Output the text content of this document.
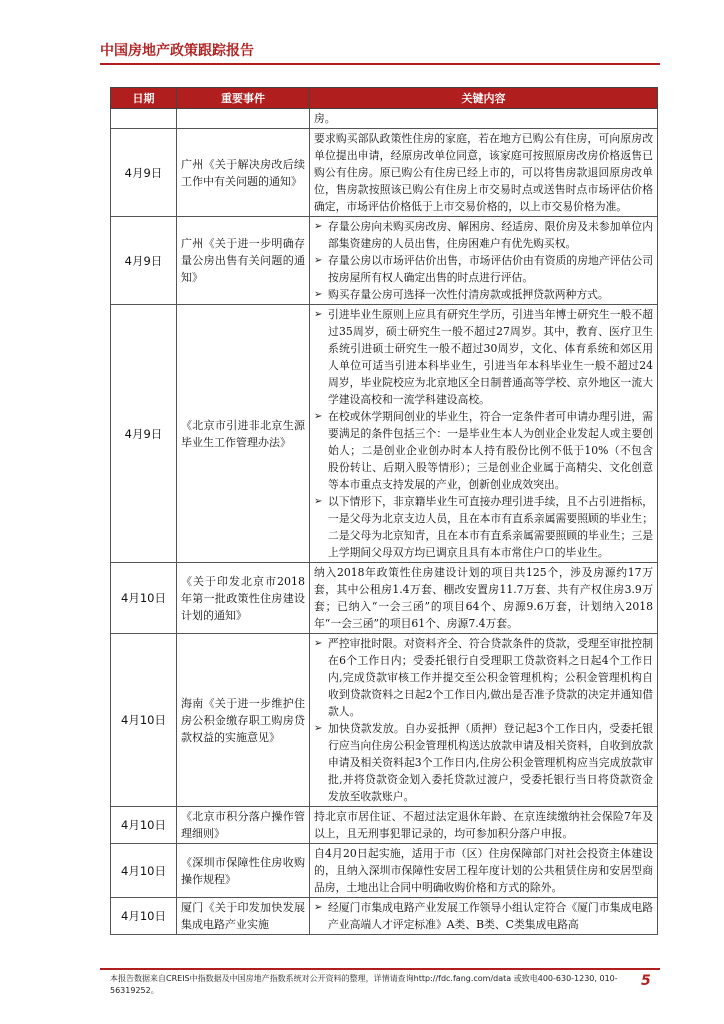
中国房地产政策跟踪报告
日期	重要事件	关键内容
		房。
4月9日	广州《关于解决房改后续工作中有关问题的通知》	要求购买部队政策性住房的家庭，若在地方已购公有住房，可向原房改单位提出申请，经原房改单位同意，该家庭可按照原房改房价格返售已购公有住房。原已购公有住房已经上市的，可以将售房款退回原房改单位，售房款按照该已购公有住房上市交易时点或送售时点市场评估价格确定，市场评估价格低于上市交易价格的，以上市交易价格为准。
4月9日	广州《关于进一步明确存量公房出售有关问题的通知》	➢ 存量公房向未购买房改房、解困房、经适房、限价房及未参加单位内部集资建房的人员出售，住房困难户有优先购买权。
➢ 存量公房以市场评估价出售，市场评估价由有资质的房地产评估公司按房屋所有权人确定出售的时点进行评估。
➢ 购买存量公房可选择一次性付清房款或抵押贷款两种方式。

4月9日	《北京市引进非北京生源毕业生工作管理办法》	➢ 引进毕业生原则上应具有研究生学历，引进当年博士研究生一般不超过35周岁，硕士研究生一般不超过27周岁。其中，教育、医疗卫生系统引进硕士研究生一般不超过30周岁，文化、体育系统和郊区用人单位可适当引进本科毕业生，引进当年本科毕业生一般不超过24周岁，毕业院校应为北京地区全日制普通高等学校、京外地区一流大学建设高校和一流学科建设高校。
➢ 在校或休学期间创业的毕业生，符合一定条件者可申请办理引进，需要满足的条件包括三个：一是毕业生本人为创业企业发起人或主要创始人；二是创业企业创办时本人持有股份比例不低于10%（不包含股份转让、后期入股等情形）；三是创业企业属于高精尖、文化创意等本市重点支持发展的产业，创新创业成效突出。
➢ 以下情形下，非京籍毕业生可直接办理引进手续，且不占引进指标，一是父母为北京支边人员，且在本市有直系亲属需要照顾的毕业生；二是父母为北京知青，且在本市有直系亲属需要照顾的毕业生；三是上学期间父母双方均已调京且具有本市常住户口的毕业生。

4月10日	《关于印发北京市2018年第一批政策性住房建设计划的通知》	纳入2018年政策性住房建设计划的项目共125个，涉及房源约17万套，其中公租房1.4万套、棚改安置房11.7万套、共有产权住房3.9万套；已纳入“一会三函”的项目64个、房源9.6万套，计划纳入2018年“一会三函”的项目61个、房源7.4万套。
4月10日	海南《关于进一步维护住房公积金缴存职工购房贷款权益的实施意见》	➢ 严控审批时限。对资料齐全、符合贷款条件的贷款，受理至审批控制在6个工作日内；受委托银行自受理职工贷款资料之日起4个工作日内,完成贷款审核工作并提交至公积金管理机构；公积金管理机构自收到贷款资料之日起2个工作日内,做出是否准予贷款的决定并通知借款人。
➢ 加快贷款发放。自办妥抵押（质押）登记起3个工作日内，受委托银行应当向住房公积金管理机构送达放款申请及相关资料，自收到放款申请及相关资料起3个工作日内,住房公积金管理机构应当完成放款审批,并将贷款资金划入委托贷款过渡户，受委托银行当日将贷款资金发放至收款账户。

4月10日	《北京市积分落户操作管理细则》	持北京市居住证、不超过法定退休年龄、在京连续缴纳社会保险7年及以上，且无刑事犯罪记录的，均可参加积分落户申报。
4月10日	《深圳市保障性住房收购操作规程》	自4月20日起实施，适用于市（区）住房保障部门对社会投资主体建设的，且纳入深圳市保障性安居工程年度计划的公共租赁住房和安居型商品房，土地出让合同中明确收购价格和方式的除外。
4月10日	厦门《关于印发加快发展集成电路产业实施	➢ 经厦门市集成电路产业发展工作领导小组认定符合《厦门市集成电路产业高端人才评定标准》A类、B类、C类集成电路高
本报告数据来自CREIS中指数据及中国房地产指数系统对公开资料的整理，详情请查询http://fdc.fang.com/data 或致电400-630-1230, 010-56319252。
5
